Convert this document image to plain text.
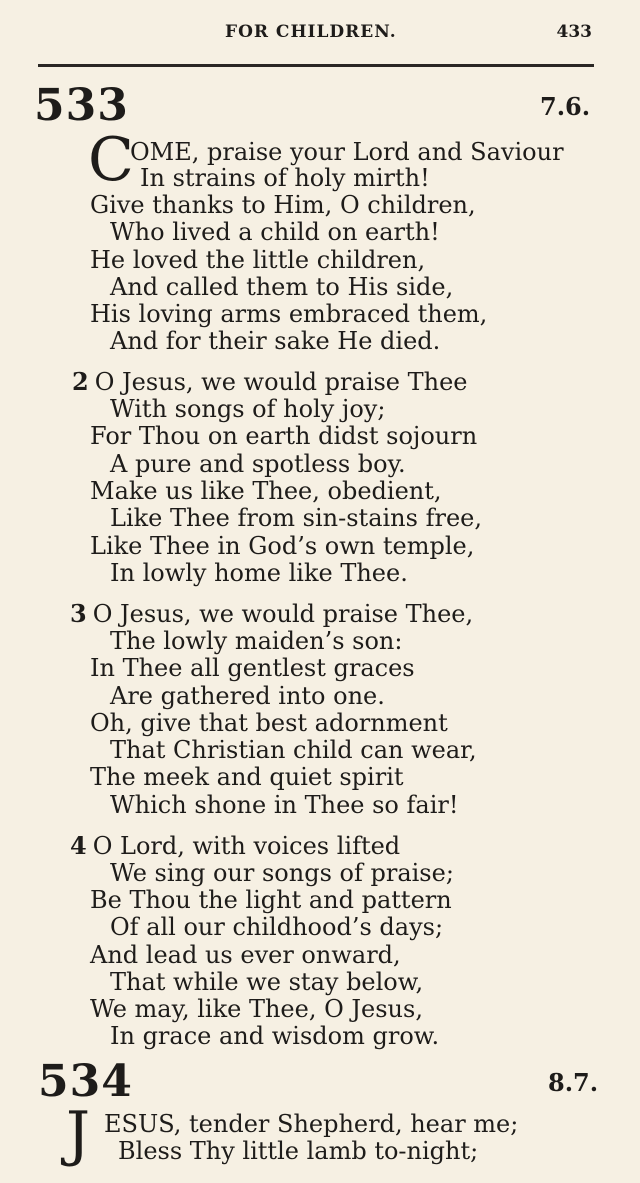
FOR CHILDREN.	433
533	7.6.
C
OME, praise your Lord and Saviour
In strains of holy mirth!
Give thanks to Him, O children,
Who lived a child on earth!
He loved the little children,
And called them to His side,
His loving arms embraced them,
And for their sake He died.
2 O Jesus, we would praise Thee
With songs of holy joy;
For Thou on earth didst sojourn
A pure and spotless boy.
Make us like Thee, obedient,
Like Thee from sin-stains free,
Like Thee in God’s own temple,
In lowly home like Thee.
3 O Jesus, we would praise Thee,
The lowly maiden’s son:
In Thee all gentlest graces
Are gathered into one.
Oh, give that best adornment
That Christian child can wear,
The meek and quiet spirit
Which shone in Thee so fair!
4 O Lord, with voices lifted
We sing our songs of praise;
Be Thou the light and pattern
Of all our childhood’s days;
And lead us ever onward,
That while we stay below,
We may, like Thee, O Jesus,
In grace and wisdom grow.
534	8.7.
J ESUS, tender Shepherd, hear me;
Bless Thy little lamb to-night;
